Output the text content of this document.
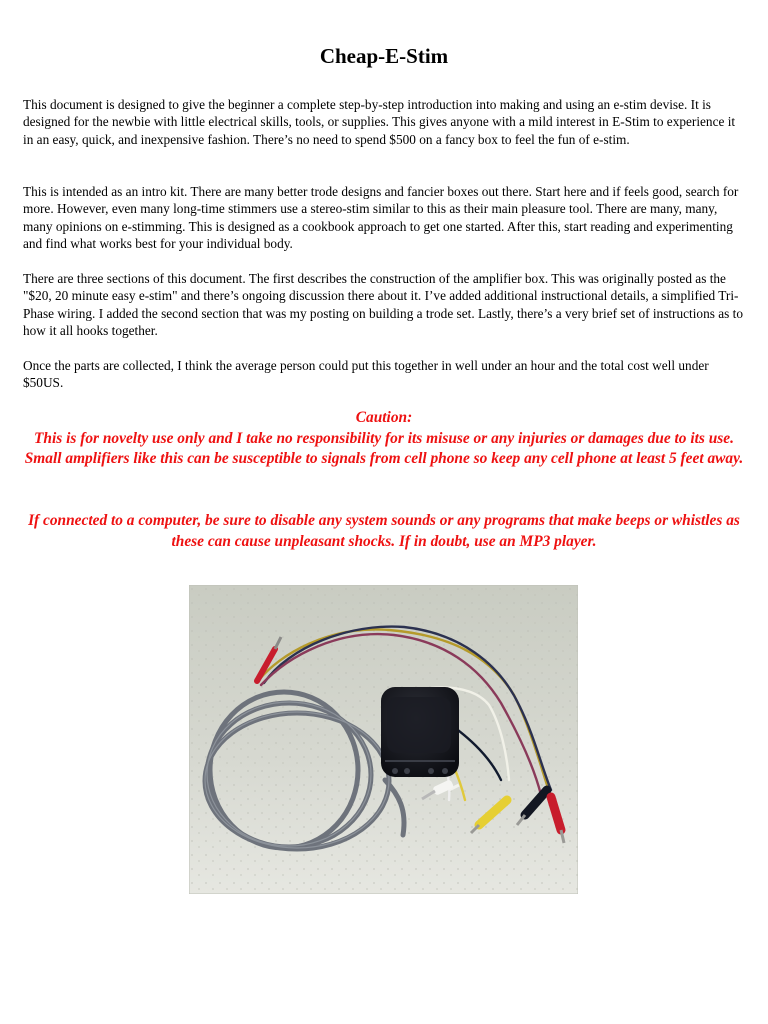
Cheap-E-Stim

This document is designed to give the beginner a complete step-by-step introduction into making and using an e-stim devise. It is designed for the newbie with little electrical skills, tools, or supplies. This gives anyone with a mild interest in E-Stim to experience it in an easy, quick, and inexpensive fashion. There’s no need to spend $500 on a fancy box to feel the fun of e-stim.

This is intended as an intro kit. There are many better trode designs and fancier boxes out there. Start here and if feels good, search for more. However, even many long-time stimmers use a stereo-stim similar to this as their main pleasure tool. There are many, many, many opinions on e-stimming. This is designed as a cookbook approach to get one started. After this, start reading and experimenting and find what works best for your individual body.

There are three sections of this document. The first describes the construction of the amplifier box. This was originally posted as the "$20, 20 minute easy e-stim" and there’s ongoing discussion there about it. I’ve added additional instructional details, a simplified Tri-Phase wiring. I added the second section that was my posting on building a trode set. Lastly, there’s a very brief set of instructions as to how it all hooks together.

Once the parts are collected, I think the average person could put this together in well under an hour and the total cost well under $50US.

Caution:
This is for novelty use only and I take no responsibility for its misuse or any injuries or damages due to its use. Small amplifiers like this can be susceptible to signals from cell phone so keep any cell phone at least 5 feet away.
If connected to a computer, be sure to disable any system sounds or any programs that make beeps or whistles as these can cause unpleasant shocks. If in doubt, use an MP3 player.
